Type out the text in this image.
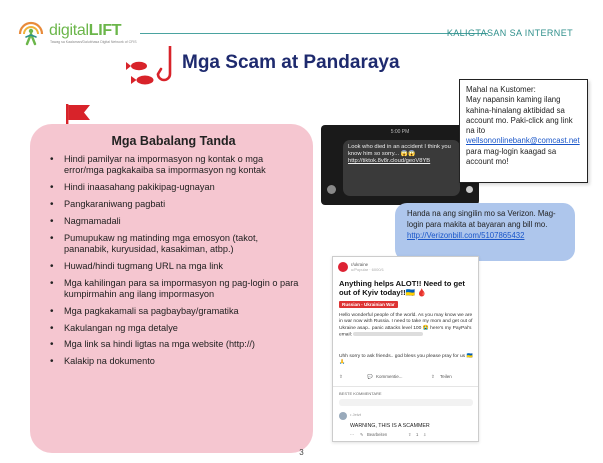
digitalLIFT
Tawag sa Kaalaman/Dalubhasa Digital Network of CFIS
KALIGTASAN SA INTERNET
Mga Scam at Pandaraya
Mga Babalang Tanda
• Hindi pamilyar na impormasyon ng kontak o mga error/mga pagkakaiba sa impormasyon ng kontak
• Hindi inaasahang pakikipag-ugnayan
• Pangkaraniwang pagbati
• Nagmamadali
• Pumupukaw ng matinding mga emosyon (takot, pananabik, kuryusidad, kasakiman, atbp.)
• Huwad/hindi tugmang URL na mga link
• Mga kahilingan para sa impormasyon ng pag-login o para kumpirmahin ang ilang impormasyon
• Mga pagkakamali sa pagbaybay/gramatika
• Kakulangan ng mga detalye
• Mga link sa hindi ligtas na mga website (http://)
• Kalakip na dokumento
5:00 PM
Look who died in an accident I think you know him so sorry... 😱😱
http://tiktok.8v8r.cloud/geoV8YB
Mahal na Kustomer:
May napansin kaming ilang kahina-hinalang aktibidad sa account mo. Paki-click ang link na ito wellsononlinebank@comcast.net para mag-login kaagad sa account mo!
Handa na ang singilin mo sa Verizon. Mag-login para makita at bayaran ang bill mo.
http://Verizonbill.com/5107865432
r/ukraine
u/Popular · 6000/1
Anything helps ALOT!! Need to get out of Kyiv today!!🇺🇦 🩸
Russian - Ukrainian War
Hello wonderful people of the world. As you may know we are in war now with Russia. I need to take my mom and get out of Ukraine asap.. panic attacks level 100 😭 here's my PayPal's email:
Uhh sorry to ask friends.. god bless you please pray for us 🇺🇦🙏
⇧	💬 Kommentie...	⇪ Teilen
BESTE KOMMENTARE
• Jetzt
WARNING, THIS IS A SCAMMER
⋯ ✎ Bearbeiten	⇧ 1 ⇩
3
